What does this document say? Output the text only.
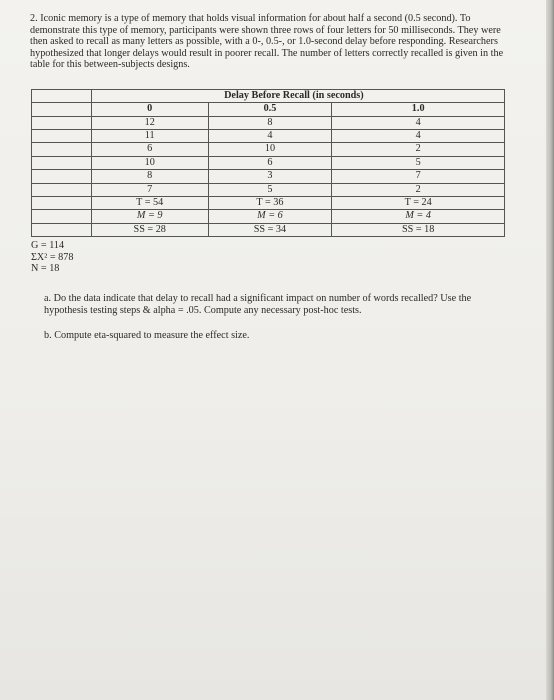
2. Iconic memory is a type of memory that holds visual information for about half a second (0.5 second). To demonstrate this type of memory, participants were shown three rows of four letters for 50 milliseconds. They were then asked to recall as many letters as possible, with a 0-, 0.5-, or 1.0-second delay before responding. Researchers hypothesized that longer delays would result in poorer recall. The number of letters correctly recalled is given in the table for this between-subjects designs.
		Delay Before Recall (in seconds)	
	0	0.5	1.0
	12	8	4
	11	4	4
	6	10	2
	10	6	5
	8	3	7
	7	5	2
	T = 54	T = 36	T = 24
	M = 9	M = 6	M = 4
	SS = 28	SS = 34	SS = 18
G = 114
ΣX² = 878
N = 18
a. Do the data indicate that delay to recall had a significant impact on number of words recalled? Use the hypothesis testing steps & alpha = .05. Compute any necessary post-hoc tests.
b. Compute eta-squared to measure the effect size.
